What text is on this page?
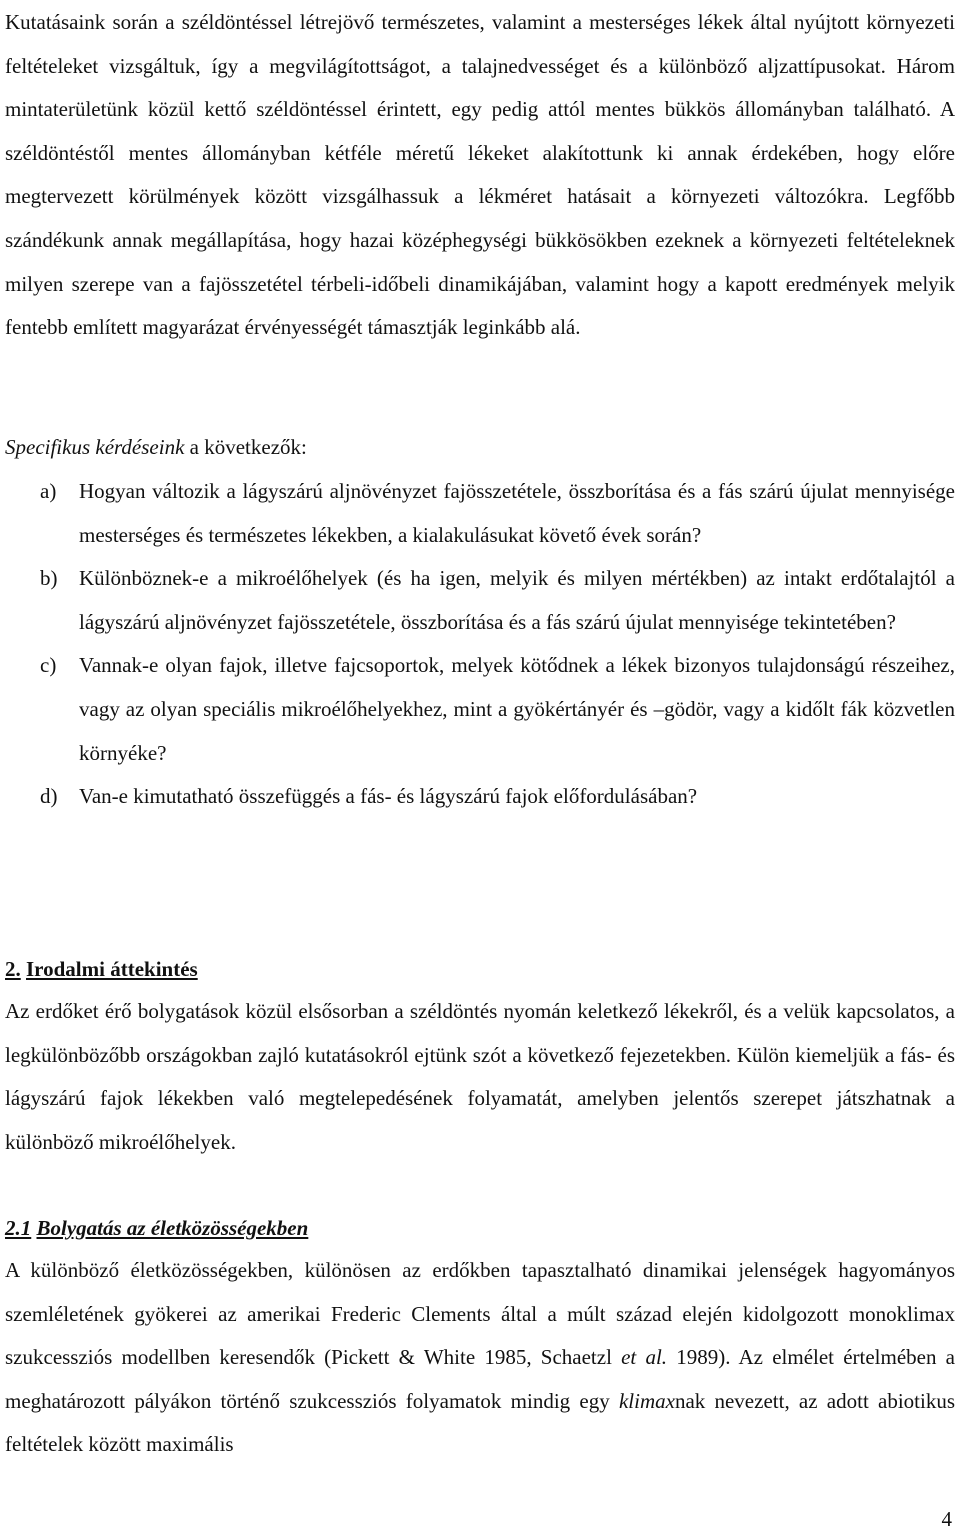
Kutatásaink során a széldöntéssel létrejövő természetes, valamint a mesterséges lékek által nyújtott környezeti feltételeket vizsgáltuk, így a megvilágítottságot, a talajnedvességet és a különböző aljzattípusokat. Három mintaterületünk közül kettő széldöntéssel érintett, egy pedig attól mentes bükkös állományban található. A széldöntéstől mentes állományban kétféle méretű lékeket alakítottunk ki annak érdekében, hogy előre megtervezett körülmények között vizsgálhassuk a lékméret hatásait a környezeti változókra. Legfőbb szándékunk annak megállapítása, hogy hazai középhegységi bükkösökben ezeknek a környezeti feltételeknek milyen szerepe van a fajösszetétel térbeli-időbeli dinamikájában, valamint hogy a kapott eredmények melyik fentebb említett magyarázat érvényességét támasztják leginkább alá.

Specifikus kérdéseink a következők:

a) Hogyan változik a lágyszárú aljnövényzet fajösszetétele, összborítása és a fás szárú újulat mennyisége mesterséges és természetes lékekben, a kialakulásukat követő évek során?
b) Különböznek-e a mikroélőhelyek (és ha igen, melyik és milyen mértékben) az intakt erdőtalajtól a lágyszárú aljnövényzet fajösszetétele, összborítása és a fás szárú újulat mennyisége tekintetében?
c) Vannak-e olyan fajok, illetve fajcsoportok, melyek kötődnek a lékek bizonyos tulajdonságú részeihez, vagy az olyan speciális mikroélőhelyekhez, mint a gyökértányér és –gödör, vagy a kidőlt fák közvetlen környéke?
d) Van-e kimutatható összefüggés a fás- és lágyszárú fajok előfordulásában?

2. Irodalmi áttekintés

Az erdőket érő bolygatások közül elsősorban a széldöntés nyomán keletkező lékekről, és a velük kapcsolatos, a legkülönbözőbb országokban zajló kutatásokról ejtünk szót a következő fejezetekben. Külön kiemeljük a fás- és lágyszárú fajok lékekben való megtelepedésének folyamatát, amelyben jelentős szerepet játszhatnak a különböző mikroélőhelyek.

2.1 Bolygatás az életközösségekben

A különböző életközösségekben, különösen az erdőkben tapasztalható dinamikai jelenségek hagyományos szemléletének gyökerei az amerikai Frederic Clements által a múlt század elején kidolgozott monoklimax szukcessziós modellben keresendők (Pickett & White 1985, Schaetzl et al. 1989). Az elmélet értelmében a meghatározott pályákon történő szukcessziós folyamatok mindig egy klimaxnak nevezett, az adott abiotikus feltételek között maximális

4
